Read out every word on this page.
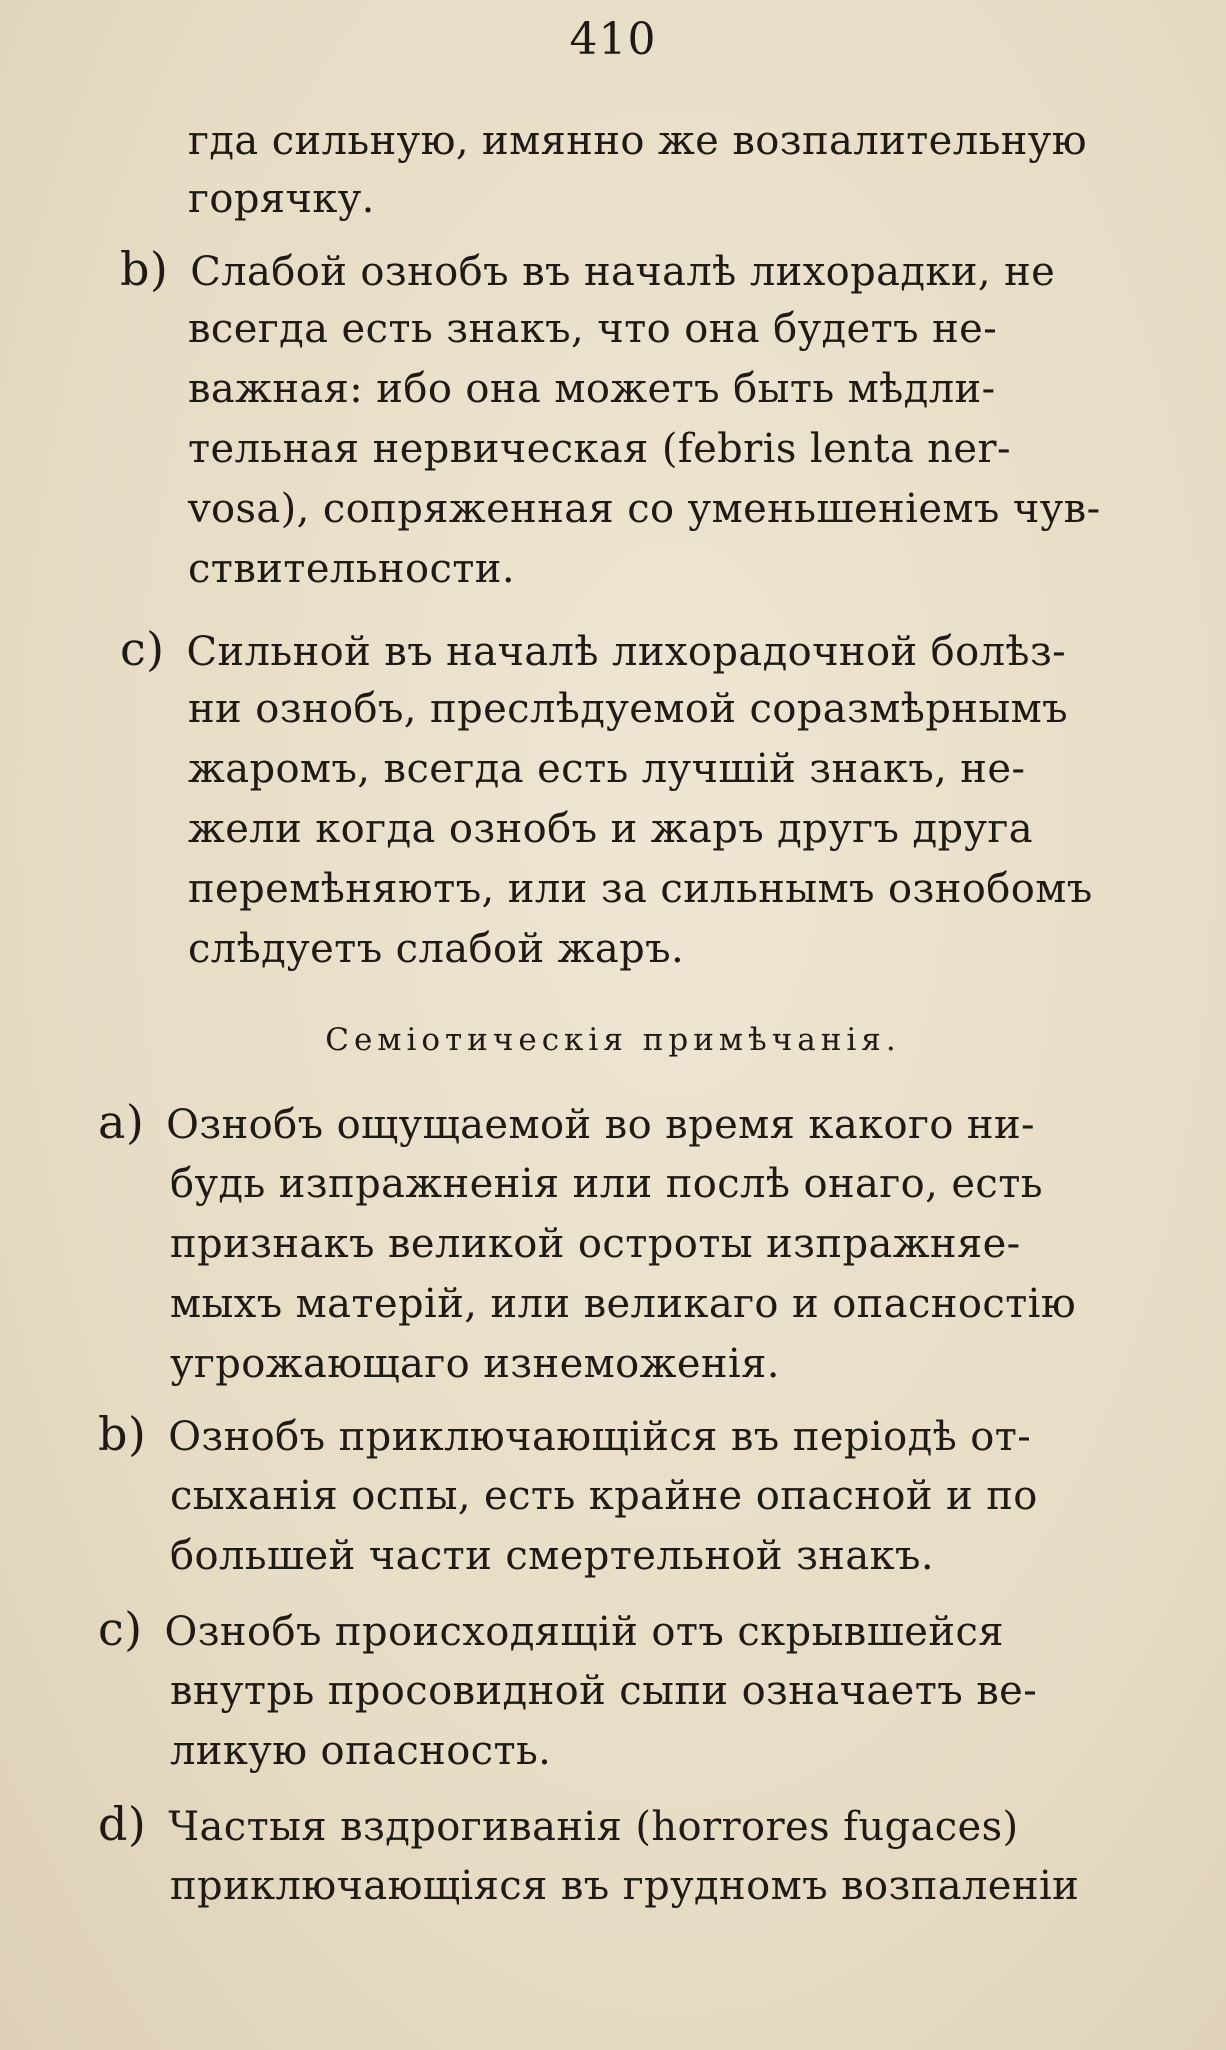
410
гда сильную, имянно же возпалительную
горячку.
b) Слабой ознобъ въ началѣ лихорадки, не
всегда есть знакъ, что она будетъ не-
важная: ибо она можетъ быть мѣдли-
тельная нервическая (febris lenta ner-
vosa), сопряженная со уменьшеніемъ чув-
ствительности.
c) Сильной въ началѣ лихорадочной болѣз-
ни ознобъ, преслѣдуемой соразмѣрнымъ
жаромъ, всегда есть лучшій знакъ, не-
жели когда ознобъ и жаръ другъ друга
перемѣняютъ, или за сильнымъ ознобомъ
слѣдуетъ слабой жаръ.
Семіотическія примѣчанія.
a) Ознобъ ощущаемой во время какого ни-
будь изпражненія или послѣ онаго, есть
признакъ великой остроты изпражняе-
мыхъ матерій, или великаго и опасностію
угрожающаго изнеможенія.
b) Ознобъ приключающійся въ періодѣ от-
сыханія оспы, есть крайне опасной и по
большей части смертельной знакъ.
c) Ознобъ происходящій отъ скрывшейся
внутрь просовидной сыпи означаетъ ве-
ликую опасность.
d) Частыя вздрогиванія (horrores fugaces)
приключающіяся въ грудномъ возпаленіи
